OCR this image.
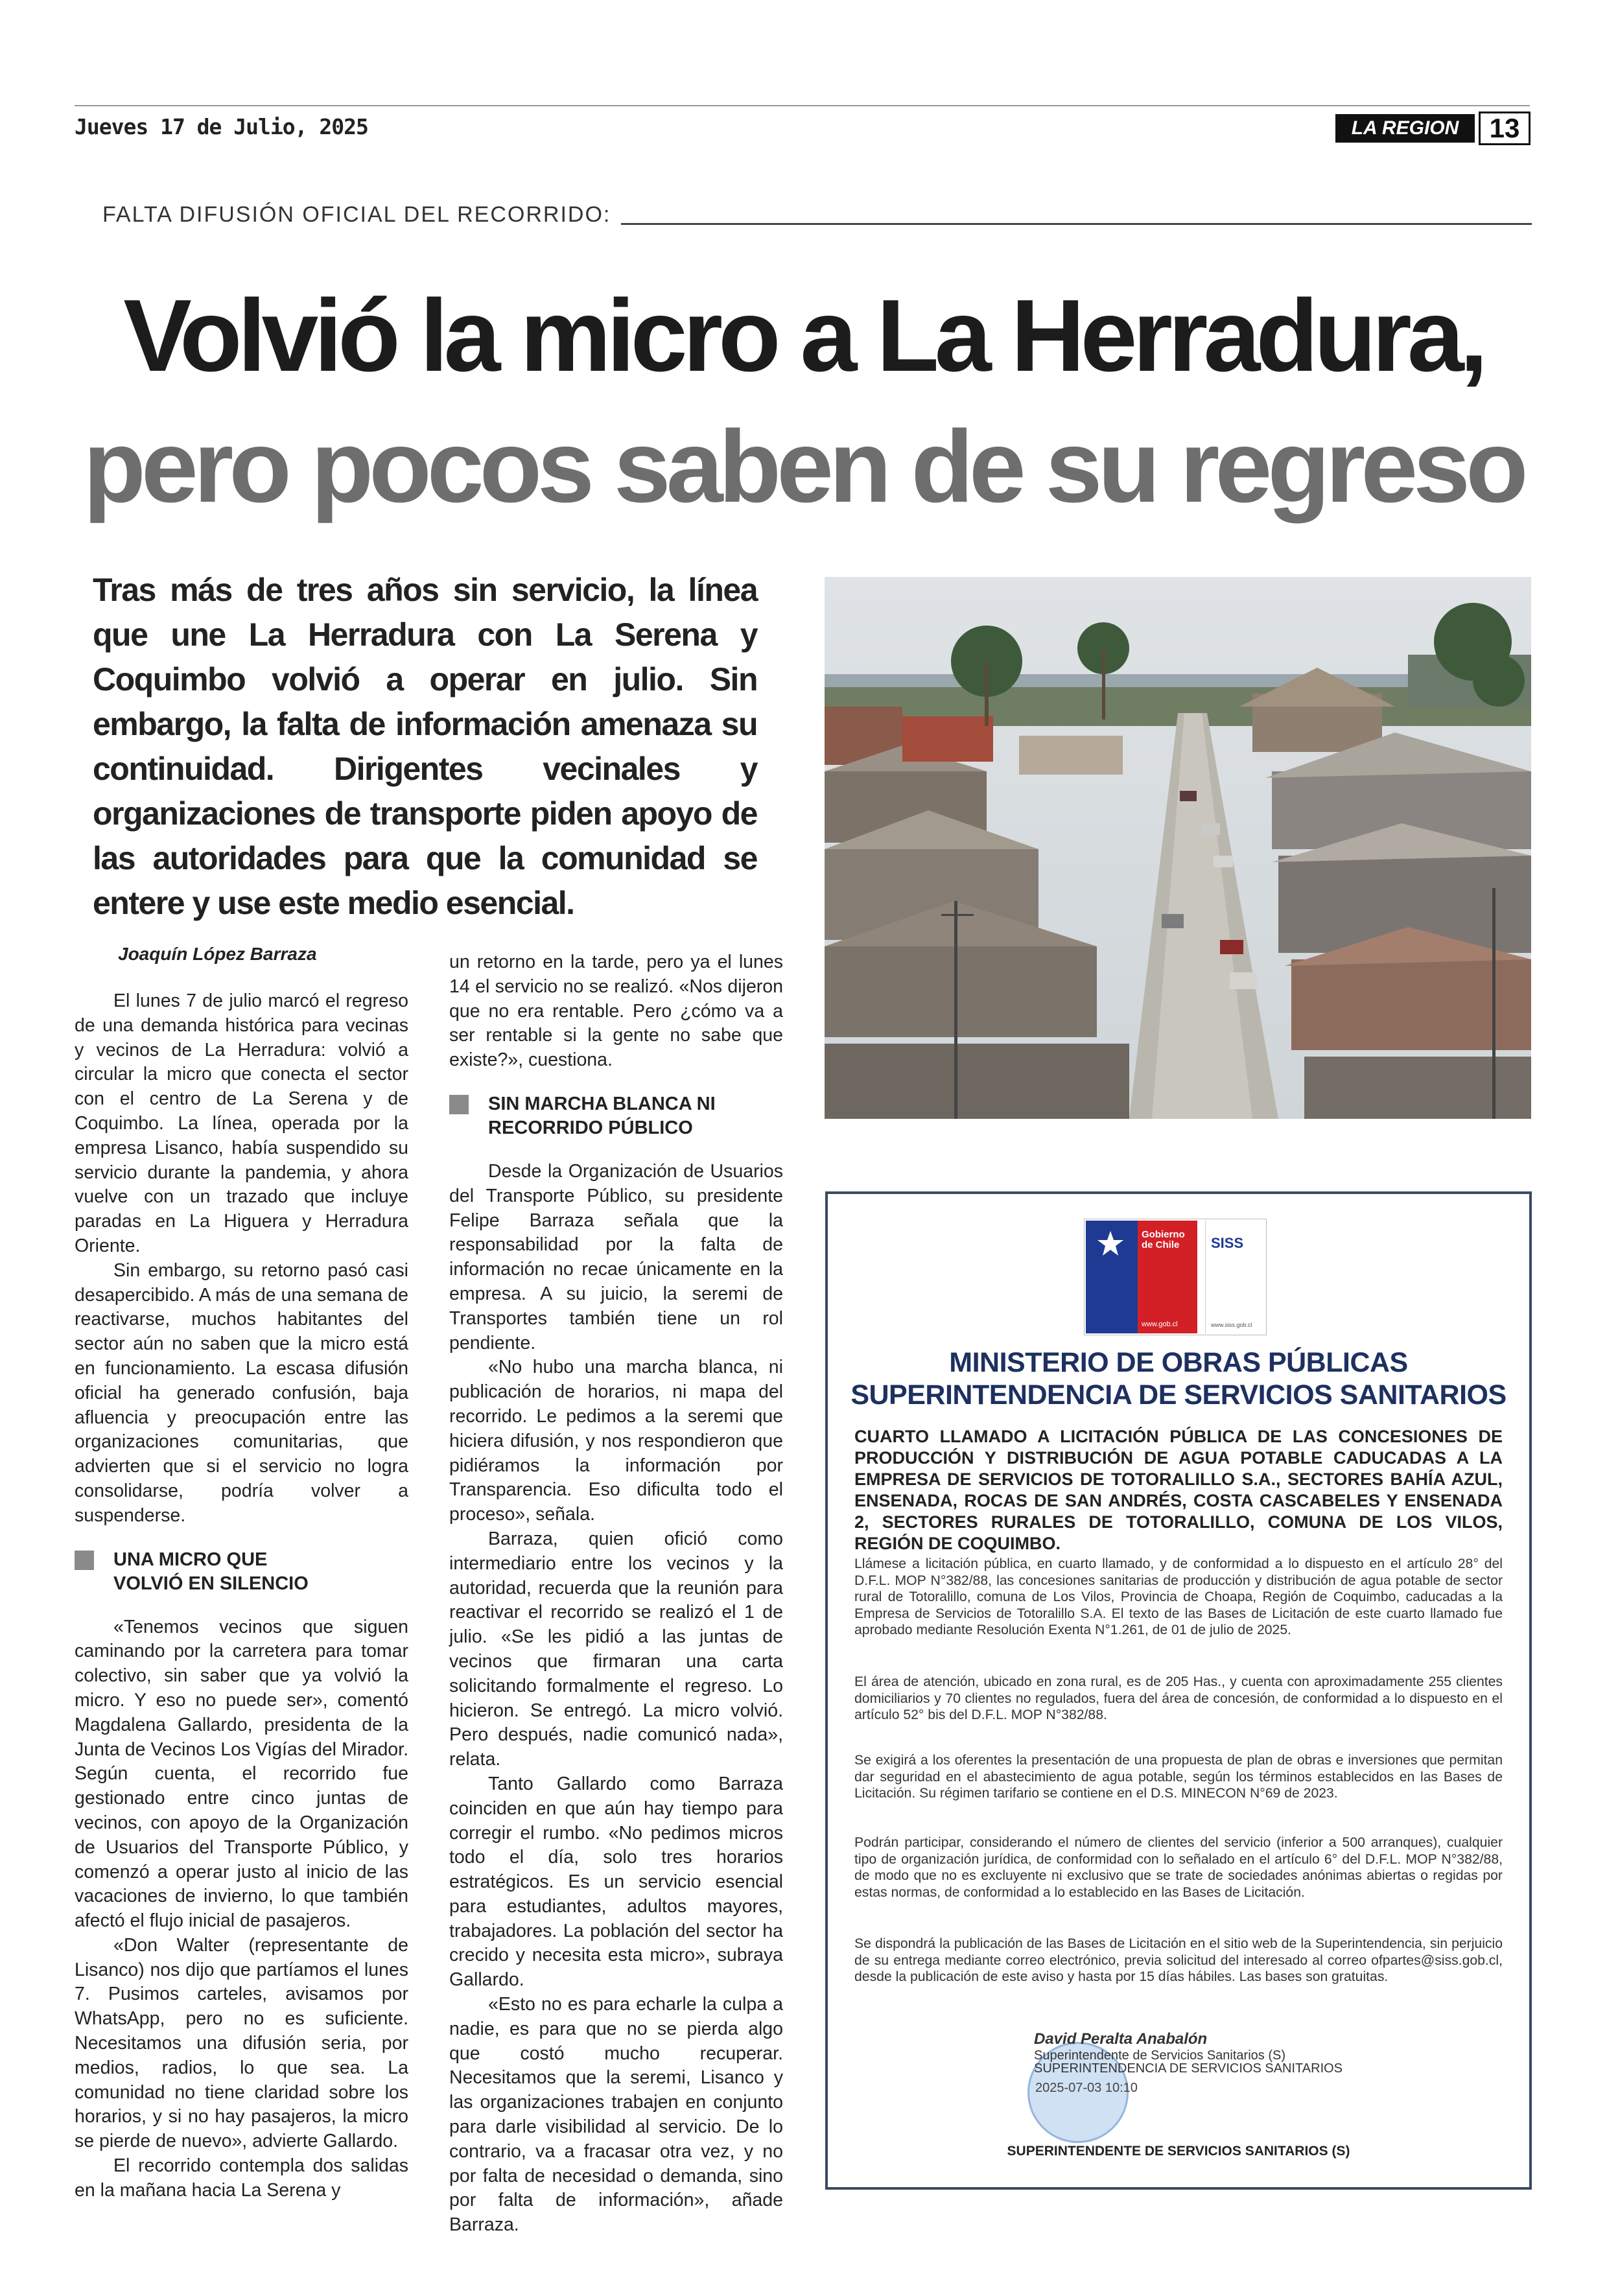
Jueves 17 de Julio, 2025	LA REGION	13
FALTA DIFUSIÓN OFICIAL DEL RECORRIDO:
Volvió la micro a La Herradura,
pero pocos saben de su regreso
Tras más de tres años sin servicio, la línea que une La Herradura con La Serena y Coquimbo volvió a operar en julio. Sin embargo, la falta de información amenaza su continuidad. Dirigentes vecinales y organizaciones de transporte piden apoyo de las autoridades para que la comunidad se entere y use este medio esencial.
Joaquín López Barraza

El lunes 7 de julio marcó el regreso de una demanda histórica para vecinas y vecinos de La Herradura: volvió a circular la micro que conecta el sector con el centro de La Serena y de Coquimbo. La línea, operada por la empresa Lisanco, había suspendido su servicio durante la pandemia, y ahora vuelve con un trazado que incluye paradas en La Higuera y Herradura Oriente.

Sin embargo, su retorno pasó casi desapercibido. A más de una semana de reactivarse, muchos habitantes del sector aún no saben que la micro está en funcionamiento. La escasa difusión oficial ha generado confusión, baja afluencia y preocupación entre las organizaciones comunitarias, que advierten que si el servicio no logra consolidarse, podría volver a suspenderse.

UNA MICRO QUE
VOLVIÓ EN SILENCIO

«Tenemos vecinos que siguen caminando por la carretera para tomar colectivo, sin saber que ya volvió la micro. Y eso no puede ser», comentó Magdalena Gallardo, presidenta de la Junta de Vecinos Los Vigías del Mirador. Según cuenta, el recorrido fue gestionado entre cinco juntas de vecinos, con apoyo de la Organización de Usuarios del Transporte Público, y comenzó a operar justo al inicio de las vacaciones de invierno, lo que también afectó el flujo inicial de pasajeros.

«Don Walter (representante de Lisanco) nos dijo que partíamos el lunes 7. Pusimos carteles, avisamos por WhatsApp, pero no es suficiente. Necesitamos una difusión seria, por medios, radios, lo que sea. La comunidad no tiene claridad sobre los horarios, y si no hay pasajeros, la micro se pierde de nuevo», advierte Gallardo.

El recorrido contempla dos salidas en la mañana hacia La Serena y

un retorno en la tarde, pero ya el lunes 14 el servicio no se realizó. «Nos dijeron que no era rentable. Pero ¿cómo va a ser rentable si la gente no sabe que existe?», cuestiona.

SIN MARCHA BLANCA NI
RECORRIDO PÚBLICO

Desde la Organización de Usuarios del Transporte Público, su presidente Felipe Barraza señala que la responsabilidad por la falta de información no recae únicamente en la empresa. A su juicio, la seremi de Transportes también tiene un rol pendiente.

«No hubo una marcha blanca, ni publicación de horarios, ni mapa del recorrido. Le pedimos a la seremi que hiciera difusión, y nos respondieron que pidiéramos la información por Transparencia. Eso dificulta todo el proceso», señala.

Barraza, quien ofició como intermediario entre los vecinos y la autoridad, recuerda que la reunión para reactivar el recorrido se realizó el 1 de julio. «Se les pidió a las juntas de vecinos que firmaran una carta solicitando formalmente el regreso. Lo hicieron. Se entregó. La micro volvió. Pero después, nadie comunicó nada», relata.

Tanto Gallardo como Barraza coinciden en que aún hay tiempo para corregir el rumbo. «No pedimos micros todo el día, solo tres horarios estratégicos. Es un servicio esencial para estudiantes, adultos mayores, trabajadores. La población del sector ha crecido y necesita esta micro», subraya Gallardo.

«Esto no es para echarle la culpa a nadie, es para que no se pierda algo que costó mucho recuperar. Necesitamos que la seremi, Lisanco y las organizaciones trabajen en conjunto para darle visibilidad al servicio. De lo contrario, va a fracasar otra vez, y no por falta de necesidad o demanda, sino por falta de información», añade Barraza.

Gobierno
de Chile
www.gob.cl
SISS
www.siss.gob.cl
MINISTERIO DE OBRAS PÚBLICAS
SUPERINTENDENCIA DE SERVICIOS SANITARIOS
CUARTO LLAMADO A LICITACIÓN PÚBLICA DE LAS CONCESIONES DE PRODUCCIÓN Y DISTRIBUCIÓN DE AGUA POTABLE CADUCADAS A LA EMPRESA DE SERVICIOS DE TOTORALILLO S.A., SECTORES BAHÍA AZUL, ENSENADA, ROCAS DE SAN ANDRÉS, COSTA CASCABELES Y ENSENADA 2, SECTORES RURALES DE TOTORALILLO, COMUNA DE LOS VILOS, REGIÓN DE COQUIMBO.
Llámese a licitación pública, en cuarto llamado, y de conformidad a lo dispuesto en el artículo 28° del D.F.L. MOP N°382/88, las concesiones sanitarias de producción y distribución de agua potable de sector rural de Totoralillo, comuna de Los Vilos, Provincia de Choapa, Región de Coquimbo, caducadas a la Empresa de Servicios de Totoralillo S.A. El texto de las Bases de Licitación de este cuarto llamado fue aprobado mediante Resolución Exenta N°1.261, de 01 de julio de 2025.
El área de atención, ubicado en zona rural, es de 205 Has., y cuenta con aproximadamente 255 clientes domiciliarios y 70 clientes no regulados, fuera del área de concesión, de conformidad a lo dispuesto en el artículo 52° bis del D.F.L. MOP N°382/88.
Se exigirá a los oferentes la presentación de una propuesta de plan de obras e inversiones que permitan dar seguridad en el abastecimiento de agua potable, según los términos establecidos en las Bases de Licitación. Su régimen tarifario se contiene en el D.S. MINECON N°69 de 2023.
Podrán participar, considerando el número de clientes del servicio (inferior a 500 arranques), cualquier tipo de organización jurídica, de conformidad con lo señalado en el artículo 6° del D.F.L. MOP N°382/88, de modo que no es excluyente ni exclusivo que se trate de sociedades anónimas abiertas o regidas por estas normas, de conformidad a lo establecido en las Bases de Licitación.
Se dispondrá la publicación de las Bases de Licitación en el sitio web de la Superintendencia, sin perjuicio de su entrega mediante correo electrónico, previa solicitud del interesado al correo ofpartes@siss.gob.cl, desde la publicación de este aviso y hasta por 15 días hábiles. Las bases son gratuitas.
David Peralta Anabalón
Superintendente de Servicios Sanitarios (S)
SUPERINTENDENCIA DE SERVICIOS SANITARIOS
2025-07-03 10:10
SUPERINTENDENTE DE SERVICIOS SANITARIOS (S)
